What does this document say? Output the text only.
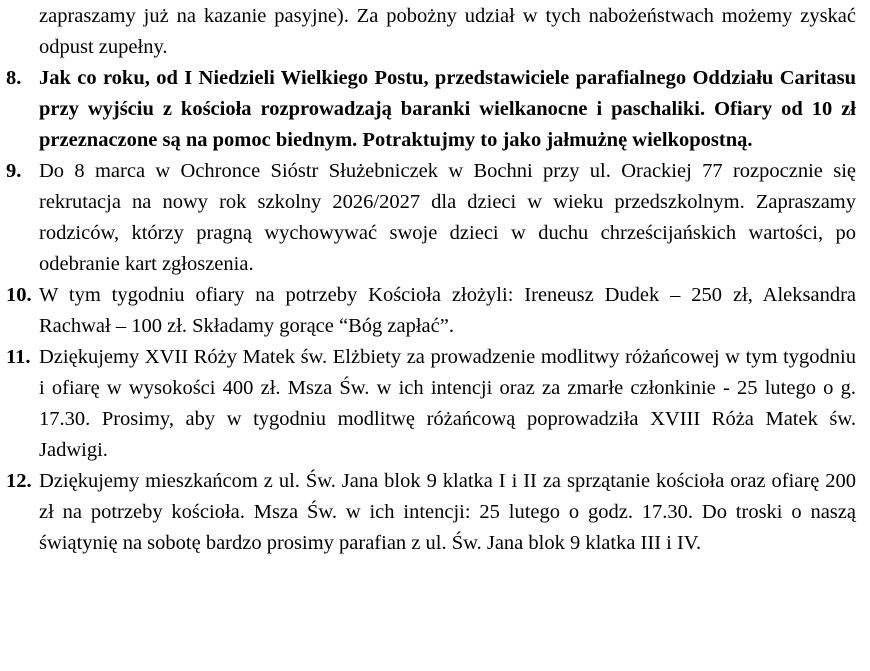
zapraszamy już na kazanie pasyjne). Za pobożny udział w tych nabożeństwach możemy zyskać odpust zupełny.

8. Jak co roku, od I Niedzieli Wielkiego Postu, przedstawiciele parafialnego Oddziału Caritasu przy wyjściu z kościoła rozprowadzają baranki wielkanocne i paschaliki. Ofiary od 10 zł przeznaczone są na pomoc biednym. Potraktujmy to jako jałmużnę wielkopostną.
9. Do 8 marca w Ochronce Sióstr Służebniczek w Bochni przy ul. Orackiej 77 rozpocznie się rekrutacja na nowy rok szkolny 2026/2027 dla dzieci w wieku przedszkolnym. Zapraszamy rodziców, którzy pragną wychowywać swoje dzieci w duchu chrześcijańskich wartości, po odebranie kart zgłoszenia.
10. W tym tygodniu ofiary na potrzeby Kościoła złożyli: Ireneusz Dudek – 250 zł, Aleksandra Rachwał – 100 zł. Składamy gorące “Bóg zapłać”.
11. Dziękujemy XVII Róży Matek św. Elżbiety za prowadzenie modlitwy różańcowej w tym tygodniu i ofiarę w wysokości 400 zł. Msza Św. w ich intencji oraz za zmarłe członkinie - 25 lutego o g. 17.30. Prosimy, aby w tygodniu modlitwę różańcową poprowadziła XVIII Róża Matek św. Jadwigi.
12. Dziękujemy mieszkańcom z ul. Św. Jana blok 9 klatka I i II za sprzątanie kościoła oraz ofiarę 200 zł na potrzeby kościoła. Msza Św. w ich intencji: 25 lutego o godz. 17.30. Do troski o naszą świątynię na sobotę bardzo prosimy parafian z ul. Św. Jana blok 9 klatka III i IV.
